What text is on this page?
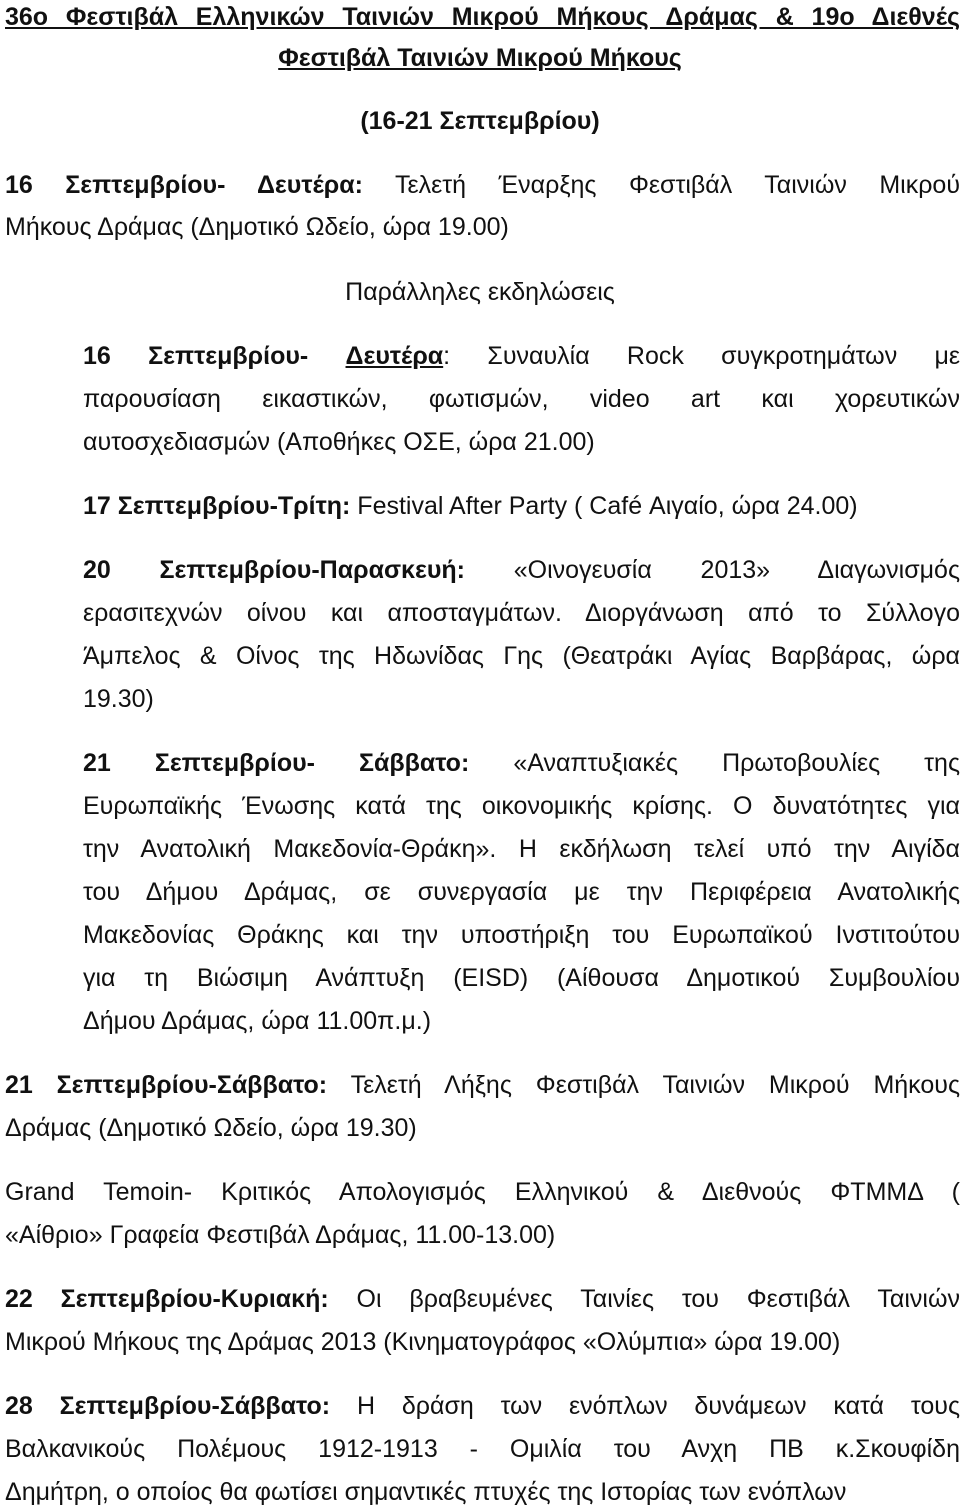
36ο Φεστιβάλ Ελληνικών Ταινιών Μικρού Μήκους Δράμας & 19ο Διεθνές
Φεστιβάλ Ταινιών Μικρού Μήκους
(16-21 Σεπτεμβρίου)
16 Σεπτεμβρίου- Δευτέρα: Τελετή Έναρξης Φεστιβάλ Ταινιών Μικρού
Μήκους Δράμας (Δημοτικό Ωδείο, ώρα 19.00)
Παράλληλες εκδηλώσεις
16 Σεπτεμβρίου- Δευτέρα: Συναυλία Rock συγκροτημάτων με
παρουσίαση εικαστικών, φωτισμών, video art και χορευτικών
αυτοσχεδιασμών (Αποθήκες ΟΣΕ, ώρα 21.00)
17 Σεπτεμβρίου-Τρίτη: Festival After Party ( Café Αιγαίο, ώρα 24.00)
20 Σεπτεμβρίου-Παρασκευή: «Οινογευσία 2013» Διαγωνισμός
ερασιτεχνών οίνου και αποσταγμάτων. Διοργάνωση από το Σύλλογο
Άμπελος & Οίνος της Ηδωνίδας Γης (Θεατράκι Αγίας Βαρβάρας, ώρα
19.30)
21 Σεπτεμβρίου- Σάββατο: «Αναπτυξιακές Πρωτοβουλίες της
Ευρωπαϊκής Ένωσης κατά της οικονομικής κρίσης. Ο δυνατότητες για
την Ανατολική Μακεδονία-Θράκη». Η εκδήλωση τελεί υπό την Αιγίδα
του Δήμου Δράμας, σε συνεργασία με την Περιφέρεια Ανατολικής
Μακεδονίας Θράκης και την υποστήριξη του Ευρωπαϊκού Ινστιτούτου
για τη Βιώσιμη Ανάπτυξη (EISD) (Αίθουσα Δημοτικού Συμβουλίου
Δήμου Δράμας, ώρα 11.00π.μ.)
21 Σεπτεμβρίου-Σάββατο: Τελετή Λήξης Φεστιβάλ Ταινιών Μικρού Μήκους
Δράμας (Δημοτικό Ωδείο, ώρα 19.30)
Grand Temoin- Κριτικός Απολογισμός Ελληνικού & Διεθνούς ΦΤΜΜΔ (
«Αίθριο» Γραφεία Φεστιβάλ Δράμας, 11.00-13.00)
22 Σεπτεμβρίου-Κυριακή: Οι βραβευμένες Ταινίες του Φεστιβάλ Ταινιών
Μικρού Μήκους της Δράμας 2013 (Κινηματογράφος «Ολύμπια» ώρα 19.00)
28 Σεπτεμβρίου-Σάββατο: Η δράση των ενόπλων δυνάμεων κατά τους
Βαλκανικούς Πολέμους 1912-1913 - Ομιλία του Ανχη ΠΒ κ.Σκουφίδη
Δημήτρη, ο οποίος θα φωτίσει σημαντικές πτυχές της Ιστορίας των ενόπλων
